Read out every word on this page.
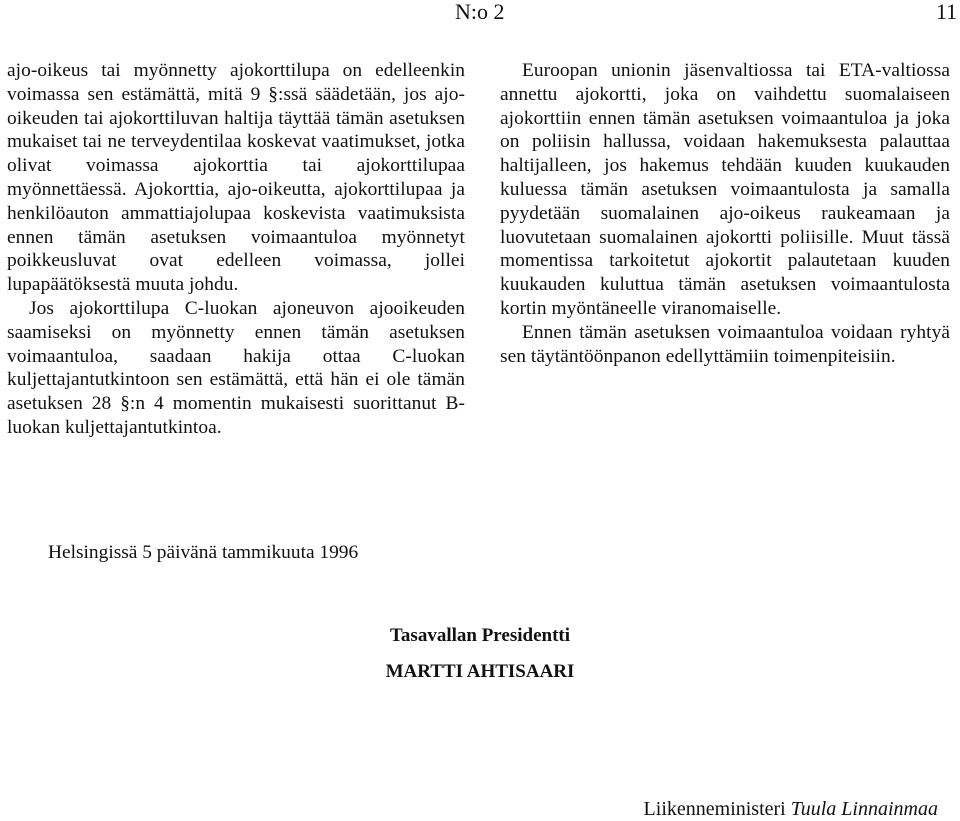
N:o 2	11

ajo-oikeus tai myönnetty ajokorttilupa on edelleenkin voimassa sen estämättä, mitä 9 §:ssä säädetään, jos ajo-oikeuden tai ajokorttiluvan haltija täyttää tämän asetuksen mukaiset tai ne terveydentilaa koskevat vaatimukset, jotka olivat voimassa ajokorttia tai ajokorttilupaa myönnettäessä. Ajokorttia, ajo-oikeutta, ajokorttilupaa ja henkilöauton ammattiajolupaa koskevista vaatimuksista ennen tämän asetuksen voimaantuloa myönnetyt poikkeusluvat ovat edelleen voimassa, jollei lupapäätöksestä muuta johdu.

Jos ajokorttilupa C-luokan ajoneuvon ajooikeuden saamiseksi on myönnetty ennen tämän asetuksen voimaantuloa, saadaan hakija ottaa C-luokan kuljettajantutkintoon sen estämättä, että hän ei ole tämän asetuksen 28 §:n 4 momentin mukaisesti suorittanut B-luokan kuljettajantutkintoa.

Euroopan unionin jäsenvaltiossa tai ETA-valtiossa annettu ajokortti, joka on vaihdettu suomalaiseen ajokorttiin ennen tämän asetuksen voimaantuloa ja joka on poliisin hallussa, voidaan hakemuksesta palauttaa haltijalleen, jos hakemus tehdään kuuden kuukauden kuluessa tämän asetuksen voimaantulosta ja samalla pyydetään suomalainen ajo-oikeus raukeamaan ja luovutetaan suomalainen ajokortti poliisille. Muut tässä momentissa tarkoitetut ajokortit palautetaan kuuden kuukauden kuluttua tämän asetuksen voimaantulosta kortin myöntäneelle viranomaiselle.

Ennen tämän asetuksen voimaantuloa voidaan ryhtyä sen täytäntöönpanon edellyttämiin toimenpiteisiin.

Helsingissä 5 päivänä tammikuuta 1996
Tasavallan Presidentti
MARTTI AHTISAARI
Liikenneministeri Tuula Linnainmaa
